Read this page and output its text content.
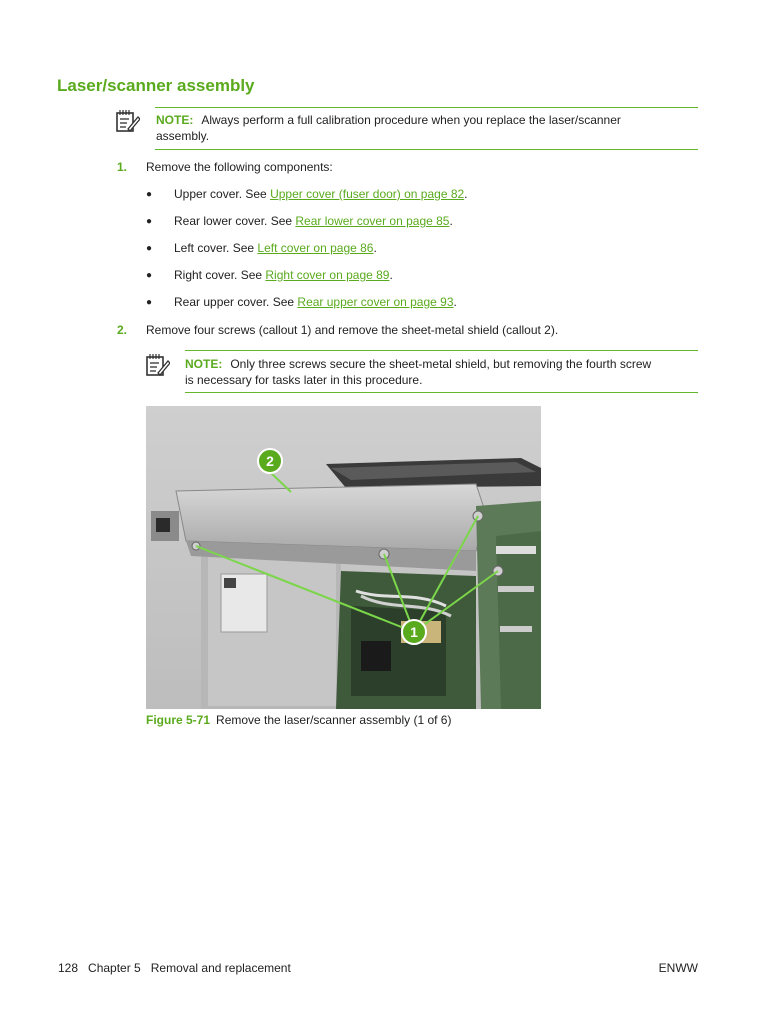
Laser/scanner assembly
NOTE: Always perform a full calibration procedure when you replace the laser/scanner
assembly.
1. Remove the following components:
● Upper cover. See Upper cover (fuser door) on page 82.
● Rear lower cover. See Rear lower cover on page 85.
● Left cover. See Left cover on page 86.
● Right cover. See Right cover on page 89.
● Rear upper cover. See Rear upper cover on page 93.
2. Remove four screws (callout 1) and remove the sheet-metal shield (callout 2).
NOTE: Only three screws secure the sheet-metal shield, but removing the fourth screw
is necessary for tasks later in this procedure.
2
1
Figure 5-71 Remove the laser/scanner assembly (1 of 6)
128 Chapter 5 Removal and replacement	ENWW
